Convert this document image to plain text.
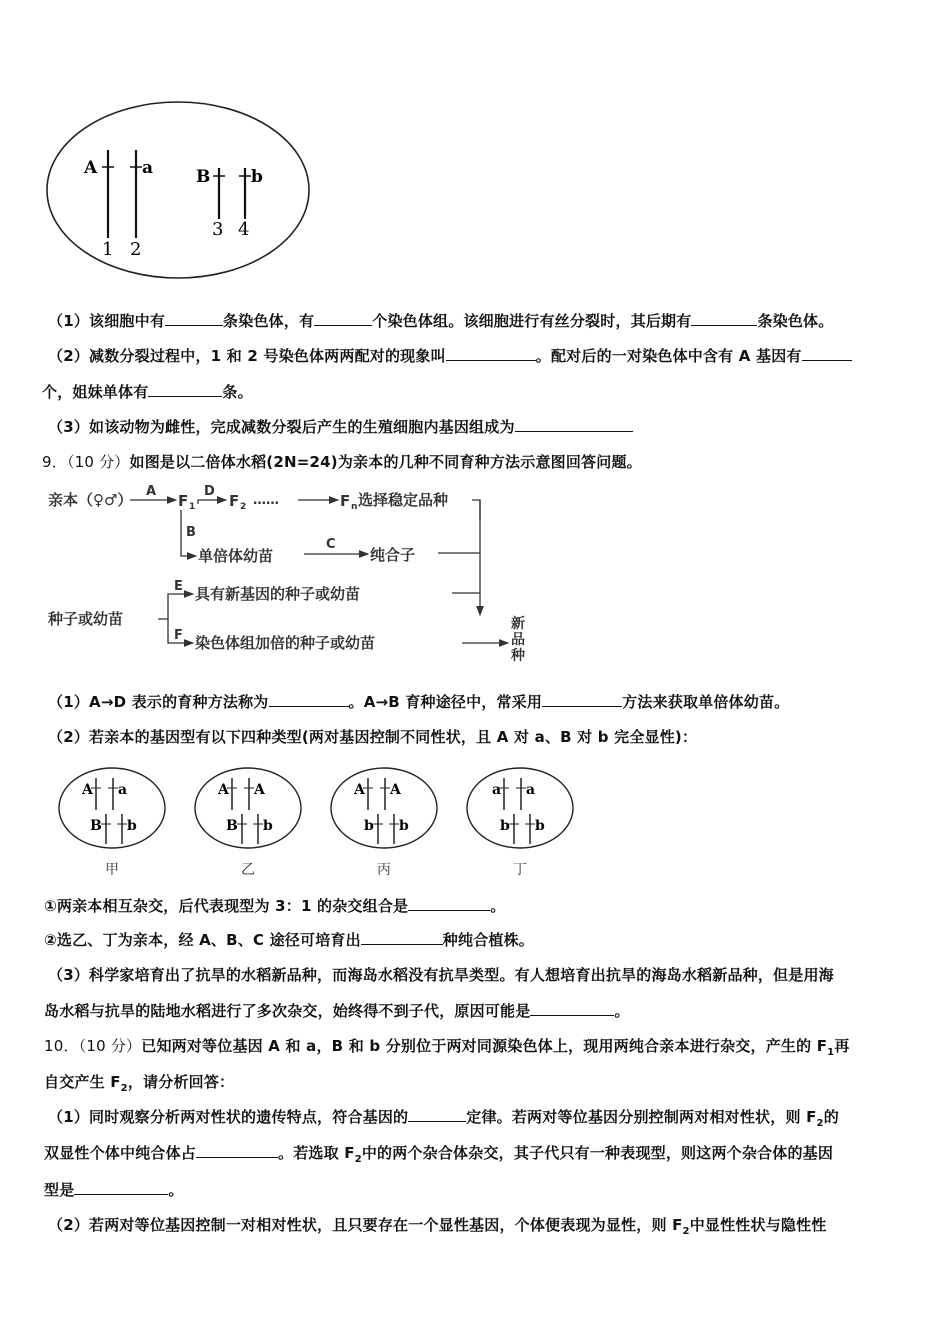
A	a	B b
1 2
3 4
（1）该细胞中有	条染色体，有	个染色体组。该细胞进行有丝分裂时，其后期有	条染色体。
（2）减数分裂过程中，1 和 2 号染色体两两配对的现象叫	。配对后的一对染色体中含有 A 基因有
个，姐妹单体有	条。
（3）如该动物为雌性，完成减数分裂后产生的生殖细胞内基因组成为
9．（10 分）如图是以二倍体水稻(2N=24)为亲本的几种不同育种方法示意图回答问题。
亲本（♀♂） A
F 1
D
F 2 ……	F n 选择稳定品种
B
单倍体幼苗
C
纯合子
种子或幼苗
E
F
具有新基因的种子或幼苗
染色体组加倍的种子或幼苗
新
品
种
（1）A→D 表示的育种方法称为	。A→B 育种途径中，常采用	方法来获取单倍体幼苗。
（2）若亲本的基因型有以下四种类型(两对基因控制不同性状，且 A 对 a、B 对 b 完全显性)：
A a
B b
甲
A A
B b
乙
A A
b b
丙
a a
b b
丁
①两亲本相互杂交，后代表现型为 3：1 的杂交组合是	。
②选乙、丁为亲本，经 A、B、C 途径可培育出	种纯合植株。
（3）科学家培育出了抗旱的水稻新品种，而海岛水稻没有抗旱类型。有人想培育出抗旱的海岛水稻新品种，但是用海
岛水稻与抗旱的陆地水稻进行了多次杂交，始终得不到子代，原因可能是	。
10．（10 分）已知两对等位基因 A 和 a，B 和 b 分别位于两对同源染色体上，现用两纯合亲本进行杂交，产生的 $F_1$再
自交产生 $F_2$，请分析回答：
（1）同时观察分析两对性状的遗传特点，符合基因的	定律。若两对等位基因分别控制两对相对性状，则 $F_2$的
双显性个体中纯合体占	。若选取 $F_2$中的两个杂合体杂交，其子代只有一种表现型，则这两个杂合体的基因
型是	。
（2）若两对等位基因控制一对相对性状，且只要存在一个显性基因，个体便表现为显性，则 $F_2$中显性性状与隐性性
